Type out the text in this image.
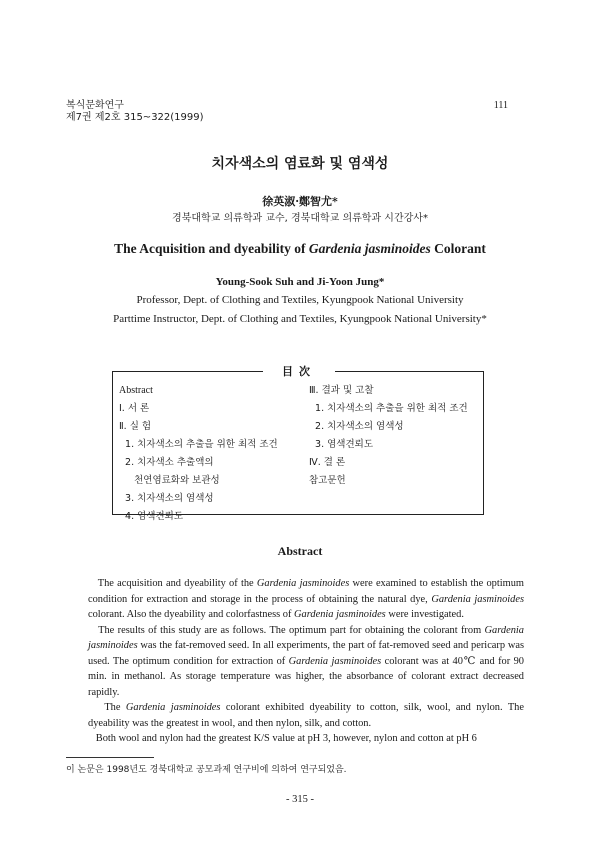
복식문화연구
제7권 제2호 315~322(1999)
111
치자색소의 염료화 및 염색성
徐英淑·鄭智尤*
경북대학교 의류학과 교수, 경북대학교 의류학과 시간강사*
The Acquisition and dyeability of Gardenia jasminoides Colorant
Young-Sook Suh and Ji-Yoon Jung*
Professor, Dept. of Clothing and Textiles, Kyungpook National University
Parttime Instructor, Dept. of Clothing and Textiles, Kyungpook National University*
目次
Abstract
Ⅰ. 서 론
Ⅱ. 실 험
1. 치자색소의 추출을 위한 최적 조건
2. 치자색소 추출액의
천연염료화와 보관성
3. 치자색소의 염색성
4. 염색견뢰도
Ⅲ. 결과 및 고찰
1. 치자색소의 추출을 위한 최적 조건
2. 치자색소의 염색성
3. 염색견뢰도
Ⅳ. 결 론
참고문헌
Abstract

The acquisition and dyeability of the Gardenia jasminoides were examined to establish the optimum condition for extraction and storage in the process of obtaining the natural dye, Gardenia jasminoides colorant. Also the dyeability and colorfastness of Gardenia jasminoides were investigated.

The results of this study are as follows. The optimum part for obtaining the colorant from Gardenia jasminoides was the fat-removed seed. In all experiments, the part of fat-removed seed and pericarp was used. The optimum condition for extraction of Gardenia jasminoides colorant was at 40℃ and for 90 min. in methanol. As storage temperature was higher, the absorbance of colorant extract decreased rapidly.

The Gardenia jasminoides colorant exhibited dyeability to cotton, silk, wool, and nylon. The dyeability was the greatest in wool, and then nylon, silk, and cotton.

Both wool and nylon had the greatest K/S value at pH 3, however, nylon and cotton at pH 6

이 논문은 1998년도 경북대학교 공모과제 연구비에 의하여 연구되었음.
- 315 -
